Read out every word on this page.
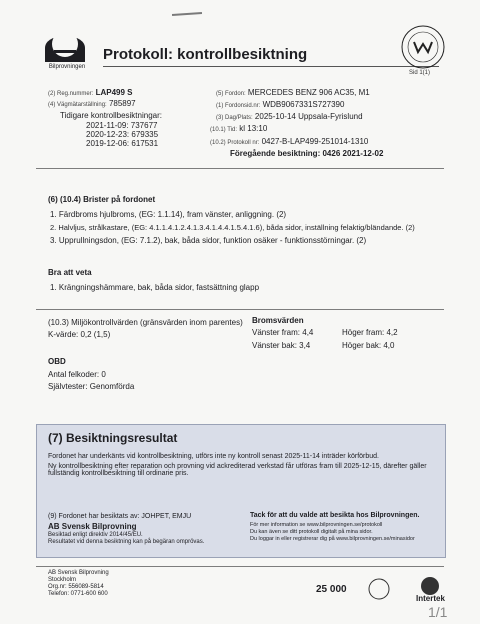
Bilprovningen
Protokoll: kontrollbesiktning
Sid 1(1)
(2) Reg.nummer: LAP499 S
(4) Vägmätarställning: 785897
Tidigare kontrollbesiktningar:
2021-11-09: 737677
2020-12-23: 679335
2019-12-06: 617531
(5) Fordon: MERCEDES BENZ 906 AC35, M1
(1) Fordonsid.nr: WDB9067331S727390
(3) Dag/Plats: 2025-10-14 Uppsala-Fyrislund
(10.1) Tid: kl 13:10
(10.2) Protokoll nr: 0427-B-LAP499-251014-1310
Föregående besiktning: 0426 2021-12-02
(6) (10.4) Brister på fordonet
1. Färdbroms hjulbroms, (EG: 1.1.14), fram vänster, anliggning. (2)
2. Halvljus, strålkastare, (EG: 4.1.1.4.1.2.4.1.3.4.1.4.4.1.5.4.1.6), båda sidor, inställning felaktig/bländande. (2)
3. Upprullningsdon, (EG: 7.1.2), bak, båda sidor, funktion osäker - funktionsstörningar. (2)
Bra att veta
1. Krängningshämmare, bak, båda sidor, fastsättning glapp
(10.3) Miljökontrollvärden (gränsvärden inom parentes)
K-värde: 0,2 (1,5)
Bromsvärden
Vänster fram: 4,4	Höger fram: 4,2
Vänster bak: 3,4	Höger bak: 4,0
OBD
Antal felkoder: 0
Självtester: Genomförda
(7) Besiktningsresultat
Fordonet har underkänts vid kontrollbesiktning, utförs inte ny kontroll senast 2025-11-14 inträder körförbud.
Ny kontrollbesiktning efter reparation och provning vid ackrediterad verkstad får utföras fram till 2025-12-15, därefter gäller fullständig kontrollbesiktning till ordinarie pris.
(9) Fordonet har besiktats av: JOHPET, EMJU
AB Svensk Bilprovning
Besiktad enligt direktiv 2014/45/EU.
Resultatet vid denna besiktning kan på begäran omprövas.
Tack för att du valde att besikta hos Bilprovningen.
För mer information se www.bilprovningen.se/protokoll
Du kan även se ditt protokoll digitalt på mina sidor.
Du loggar in eller registrerar dig på www.bilprovningen.se/minasidor
AB Svensk Bilprovning
Stockholm
Org.nr: 556089-5814
Telefon: 0771-600 600	25 000
Intertek
1/1
